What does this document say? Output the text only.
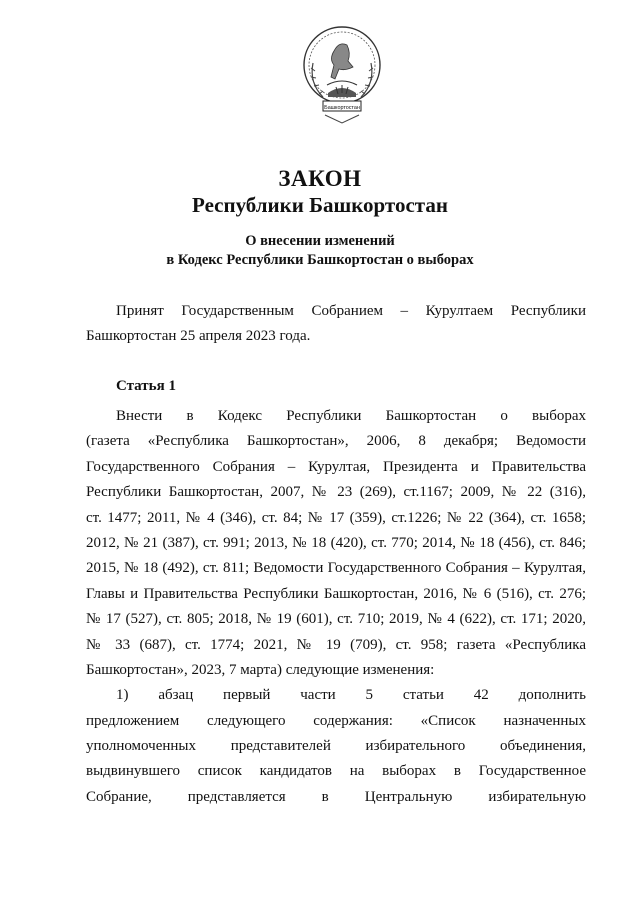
Башкортостан
ЗАКОН
Республики Башкортостан
О внесении изменений
в Кодекс Республики Башкортостан о выборах
Принят Государственным Собранием – Курултаем Республики
Башкортостан 25 апреля 2023 года.
Статья 1
Внести в Кодекс Республики Башкортостан о выборах
(газета «Республика Башкортостан», 2006, 8 декабря; Ведомости
Государственного Собрания – Курултая, Президента и Правительства
Республики Башкортостан, 2007, № 23 (269), ст.1167; 2009, № 22 (316),
ст. 1477; 2011, № 4 (346), ст. 84; № 17 (359), ст.1226; № 22 (364), ст. 1658;
2012, № 21 (387), ст. 991; 2013, № 18 (420), ст. 770; 2014, № 18 (456), ст. 846;
2015, № 18 (492), ст. 811; Ведомости Государственного Собрания – Курултая,
Главы и Правительства Республики Башкортостан, 2016, № 6 (516), ст. 276;
№ 17 (527), ст. 805; 2018, № 19 (601), ст. 710; 2019, № 4 (622), ст. 171; 2020,
№ 33 (687), ст. 1774; 2021, № 19 (709), ст. 958; газета «Республика
Башкортостан», 2023, 7 марта) следующие изменения:
1) абзац первый части 5 статьи 42 дополнить
предложением следующего содержания: «Список назначенных
уполномоченных представителей избирательного объединения,
выдвинувшего список кандидатов на выборах в Государственное
Собрание, представляется в Центральную избирательную
